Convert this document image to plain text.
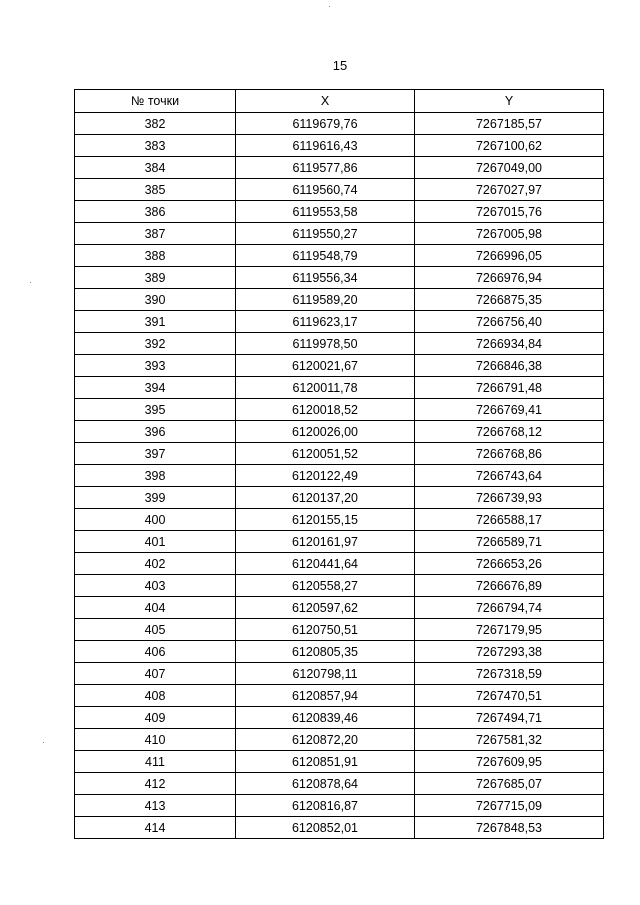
15
№ точки	X	Y
382	6119679,76	7267185,57
383	6119616,43	7267100,62
384	6119577,86	7267049,00
385	6119560,74	7267027,97
386	6119553,58	7267015,76
387	6119550,27	7267005,98
388	6119548,79	7266996,05
389	6119556,34	7266976,94
390	6119589,20	7266875,35
391	6119623,17	7266756,40
392	6119978,50	7266934,84
393	6120021,67	7266846,38
394	6120011,78	7266791,48
395	6120018,52	7266769,41
396	6120026,00	7266768,12
397	6120051,52	7266768,86
398	6120122,49	7266743,64
399	6120137,20	7266739,93
400	6120155,15	7266588,17
401	6120161,97	7266589,71
402	6120441,64	7266653,26
403	6120558,27	7266676,89
404	6120597,62	7266794,74
405	6120750,51	7267179,95
406	6120805,35	7267293,38
407	6120798,11	7267318,59
408	6120857,94	7267470,51
409	6120839,46	7267494,71
410	6120872,20	7267581,32
411	6120851,91	7267609,95
412	6120878,64	7267685,07
413	6120816,87	7267715,09
414	6120852,01	7267848,53
